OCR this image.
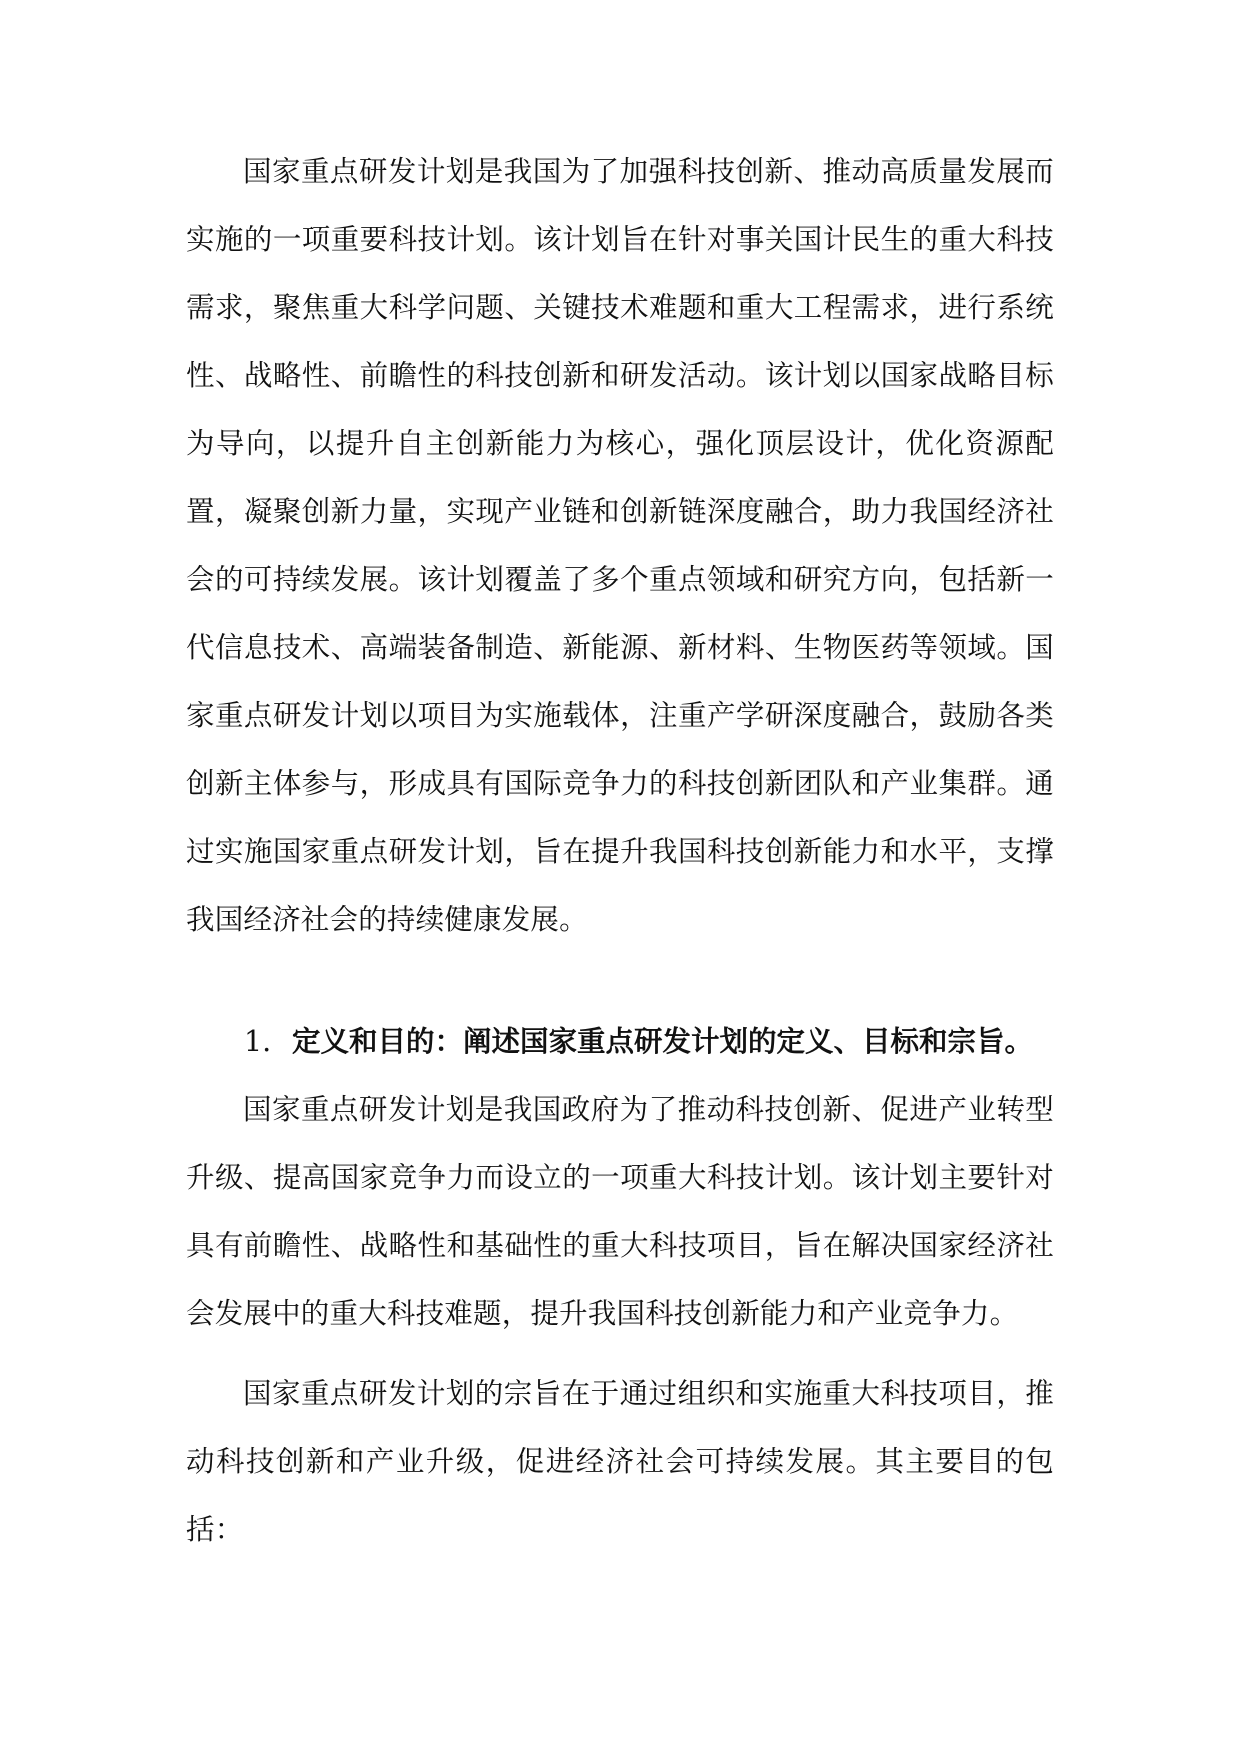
国家重点研发计划是我国为了加强科技创新、推动高质量发展而实施的一项重要科技计划。该计划旨在针对事关国计民生的重大科技需求，聚焦重大科学问题、关键技术难题和重大工程需求，进行系统性、战略性、前瞻性的科技创新和研发活动。该计划以国家战略目标为导向，以提升自主创新能力为核心，强化顶层设计，优化资源配置，凝聚创新力量，实现产业链和创新链深度融合，助力我国经济社会的可持续发展。该计划覆盖了多个重点领域和研究方向，包括新一代信息技术、高端装备制造、新能源、新材料、生物医药等领域。国家重点研发计划以项目为实施载体，注重产学研深度融合，鼓励各类创新主体参与，形成具有国际竞争力的科技创新团队和产业集群。通过实施国家重点研发计划，旨在提升我国科技创新能力和水平，支撑我国经济社会的持续健康发展。

1. 定义和目的：阐述国家重点研发计划的定义、目标和宗旨。

国家重点研发计划是我国政府为了推动科技创新、促进产业转型升级、提高国家竞争力而设立的一项重大科技计划。该计划主要针对具有前瞻性、战略性和基础性的重大科技项目，旨在解决国家经济社会发展中的重大科技难题，提升我国科技创新能力和产业竞争力。

国家重点研发计划的宗旨在于通过组织和实施重大科技项目，推动科技创新和产业升级，促进经济社会可持续发展。其主要目的包括：
